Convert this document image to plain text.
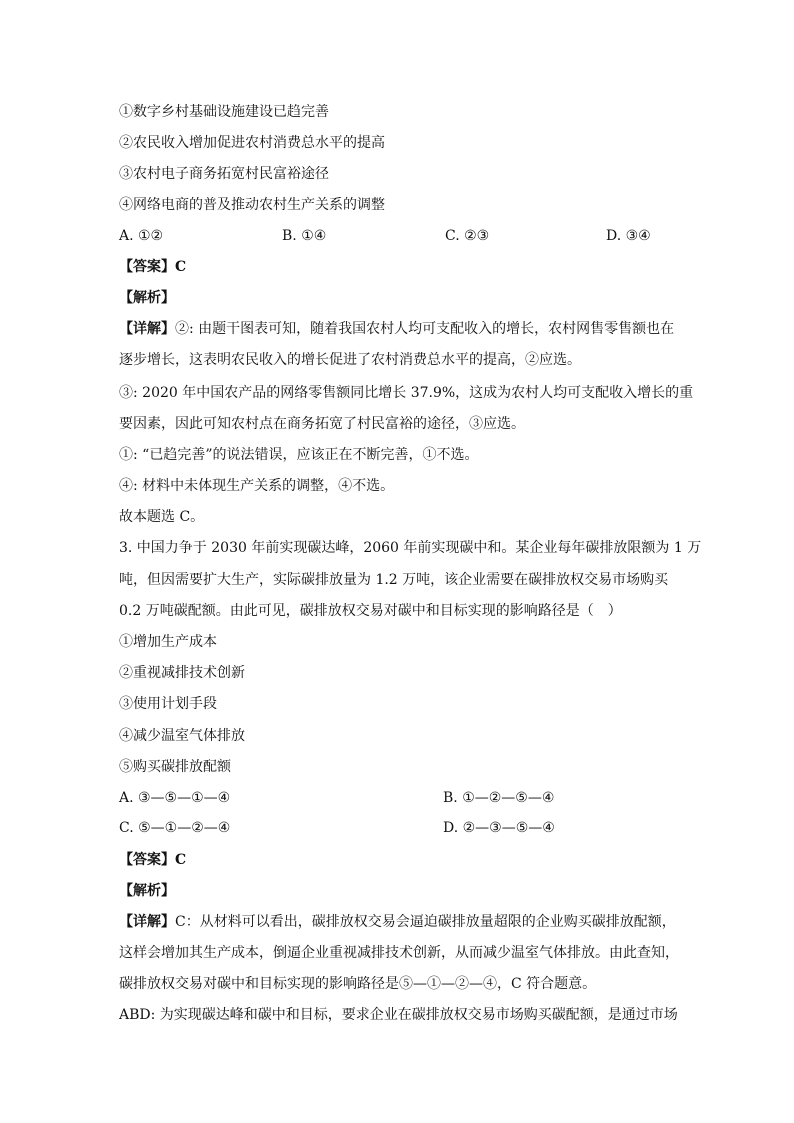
①数字乡村基础设施建设已趋完善
②农民收入增加促进农村消费总水平的提高
③农村电子商务拓宽村民富裕途径
④网络电商的普及推动农村生产关系的调整
A. ①②	B. ①④	C. ②③	D. ③④
【答案】C
【解析】
【详解】②: 由题干图表可知，随着我国农村人均可支配收入的增长，农村网售零售额也在
逐步增长，这表明农民收入的增长促进了农村消费总水平的提高，②应选。
③: 2020 年中国农产品的网络零售额同比增长 37.9%，这成为农村人均可支配收入增长的重
要因素，因此可知农村点在商务拓宽了村民富裕的途径，③应选。
①: “已趋完善”的说法错误，应该正在不断完善，①不选。
④: 材料中未体现生产关系的调整，④不选。
故本题选 C。
3. 中国力争于 2030 年前实现碳达峰，2060 年前实现碳中和。某企业每年碳排放限额为 1 万
吨，但因需要扩大生产，实际碳排放量为 1.2 万吨，该企业需要在碳排放权交易市场购买
0.2 万吨碳配额。由此可见，碳排放权交易对碳中和目标实现的影响路径是（　）
①增加生产成本
②重视减排技术创新
③使用计划手段
④减少温室气体排放
⑤购买碳排放配额
A. ③—⑤—①—④	B. ①—②—⑤—④
C. ⑤—①—②—④	D. ②—③—⑤—④
【答案】C
【解析】
【详解】C：从材料可以看出，碳排放权交易会逼迫碳排放量超限的企业购买碳排放配额，
这样会增加其生产成本，倒逼企业重视减排技术创新，从而减少温室气体排放。由此查知，
碳排放权交易对碳中和目标实现的影响路径是⑤—①—②—④，C 符合题意。
ABD: 为实现碳达峰和碳中和目标，要求企业在碳排放权交易市场购买碳配额，是通过市场
